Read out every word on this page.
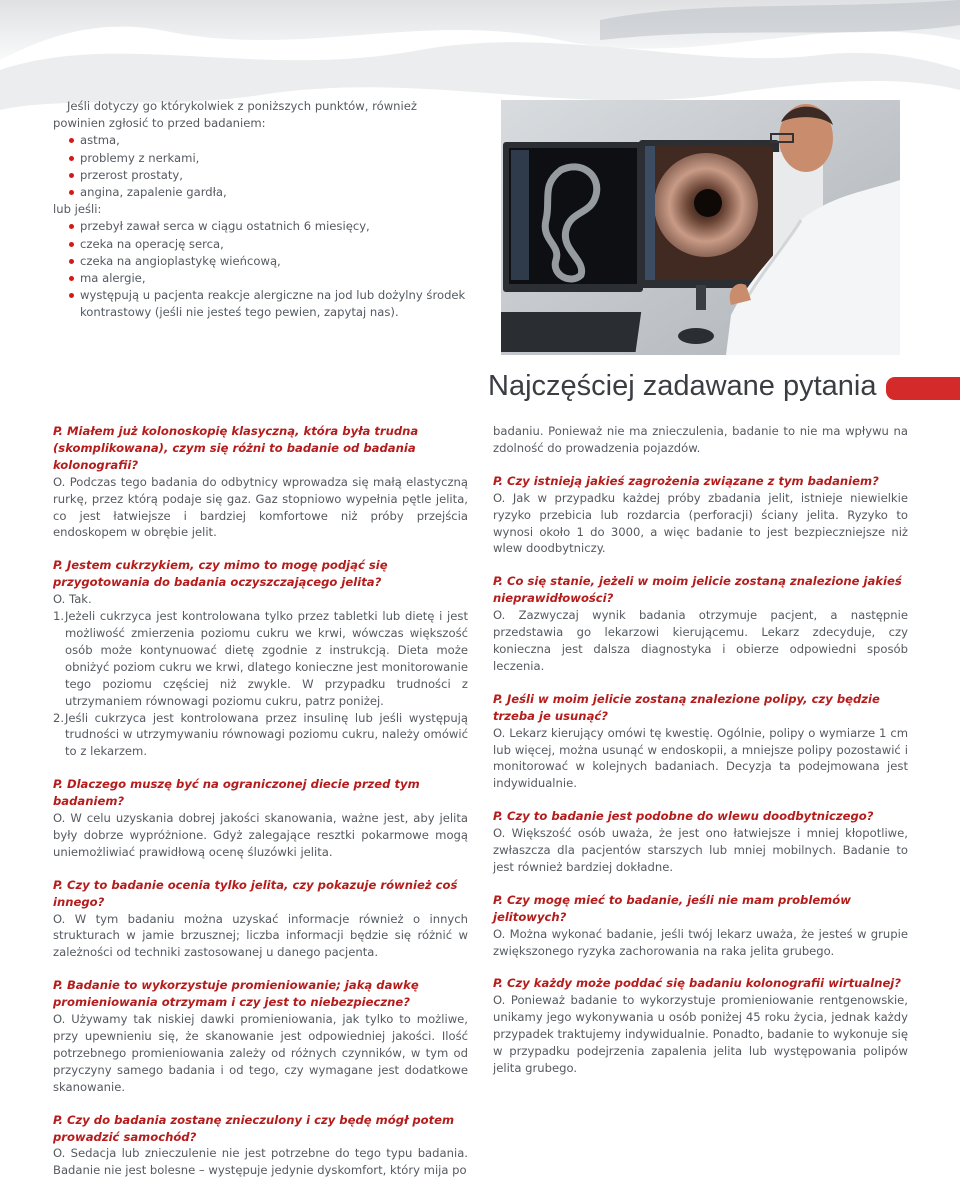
Jeśli dotyczy go którykolwiek z poniższych punktów, również powinien zgłosić to przed badaniem:

astma,
problemy z nerkami,
przerost prostaty,
angina, zapalenie gardła,

lub jeśli:

przebył zawał serca w ciągu ostatnich 6 miesięcy,
czeka na operację serca,
czeka na angioplastykę wieńcową,
ma alergie,
występują u pacjenta reakcje alergiczne na jod lub dożylny środek kontrastowy (jeśli nie jesteś tego pewien, zapytaj nas).
Najczęściej zadawane pytania

P. Miałem już kolonoskopię klasyczną, która była trudna (skomplikowana), czym się różni to badanie od badania kolonografii?

O. Podczas tego badania do odbytnicy wprowadza się małą elastyczną rurkę, przez którą podaje się gaz. Gaz stopniowo wypełnia pętle jelita, co jest łatwiejsze i bardziej komfortowe niż próby przejścia endoskopem w obrębie jelit.

P. Jestem cukrzykiem, czy mimo to mogę podjąć się przygotowania do badania oczyszczającego jelita?

O. Tak.

1. Jeżeli cukrzyca jest kontrolowana tylko przez tabletki lub dietę i jest możliwość zmierzenia poziomu cukru we krwi, wówczas większość osób może kontynuować dietę zgodnie z instrukcją. Dieta może obniżyć poziom cukru we krwi, dlatego konieczne jest monitorowanie tego poziomu częściej niż zwykle. W przypadku trudności z utrzymaniem równowagi poziomu cukru, patrz poniżej.
2. Jeśli cukrzyca jest kontrolowana przez insulinę lub jeśli występują trudności w utrzymywaniu równowagi poziomu cukru, należy omówić to z lekarzem.

P. Dlaczego muszę być na ograniczonej diecie przed tym badaniem?

O. W celu uzyskania dobrej jakości skanowania, ważne jest, aby jelita były dobrze wypróżnione. Gdyż zalegające resztki pokarmowe mogą uniemożliwiać prawidłową ocenę śluzówki jelita.

P. Czy to badanie ocenia tylko jelita, czy pokazuje również coś innego?

O. W tym badaniu można uzyskać informacje również o innych strukturach w jamie brzusznej; liczba informacji będzie się różnić w zależności od techniki zastosowanej u danego pacjenta.

P. Badanie to wykorzystuje promieniowanie; jaką dawkę promieniowania otrzymam i czy jest to niebezpieczne?

O. Używamy tak niskiej dawki promieniowania, jak tylko to możliwe, przy upewnieniu się, że skanowanie jest odpowiedniej jakości. Ilość potrzebnego promieniowania zależy od różnych czynników, w tym od przyczyny samego badania i od tego, czy wymagane jest dodatkowe skanowanie.

P. Czy do badania zostanę znieczulony i czy będę mógł potem prowadzić samochód?

O. Sedacja lub znieczulenie nie jest potrzebne do tego typu badania. Badanie nie jest bolesne – występuje jedynie dyskomfort, który mija po

badaniu. Ponieważ nie ma znieczulenia, badanie to nie ma wpływu na zdolność do prowadzenia pojazdów.

P. Czy istnieją jakieś zagrożenia związane z tym badaniem?

O. Jak w przypadku każdej próby zbadania jelit, istnieje niewielkie ryzyko przebicia lub rozdarcia (perforacji) ściany jelita. Ryzyko to wynosi około 1 do 3000, a więc badanie to jest bezpieczniejsze niż wlew doodbytniczy.

P. Co się stanie, jeżeli w moim jelicie zostaną znalezione jakieś nieprawidłowości?

O. Zazwyczaj wynik badania otrzymuje pacjent, a następnie przedstawia go lekarzowi kierującemu. Lekarz zdecyduje, czy konieczna jest dalsza diagnostyka i obierze odpowiedni sposób leczenia.

P. Jeśli w moim jelicie zostaną znalezione polipy, czy będzie trzeba je usunąć?

O. Lekarz kierujący omówi tę kwestię. Ogólnie, polipy o wymiarze 1 cm lub więcej, można usunąć w endoskopii, a mniejsze polipy pozostawić i monitorować w kolejnych badaniach. Decyzja ta podejmowana jest indywidualnie.

P. Czy to badanie jest podobne do wlewu doodbytniczego?

O. Większość osób uważa, że jest ono łatwiejsze i mniej kłopotliwe, zwłaszcza dla pacjentów starszych lub mniej mobilnych. Badanie to jest również bardziej dokładne.

P. Czy mogę mieć to badanie, jeśli nie mam problemów jelitowych?

O. Można wykonać badanie, jeśli twój lekarz uważa, że jesteś w grupie zwiększonego ryzyka zachorowania na raka jelita grubego.

P. Czy każdy może poddać się badaniu kolonografii wirtualnej?

O. Ponieważ badanie to wykorzystuje promieniowanie rentgenowskie, unikamy jego wykonywania u osób poniżej 45 roku życia, jednak każdy przypadek traktujemy indywidualnie. Ponadto, badanie to wykonuje się w przypadku podejrzenia zapalenia jelita lub występowania polipów jelita grubego.
